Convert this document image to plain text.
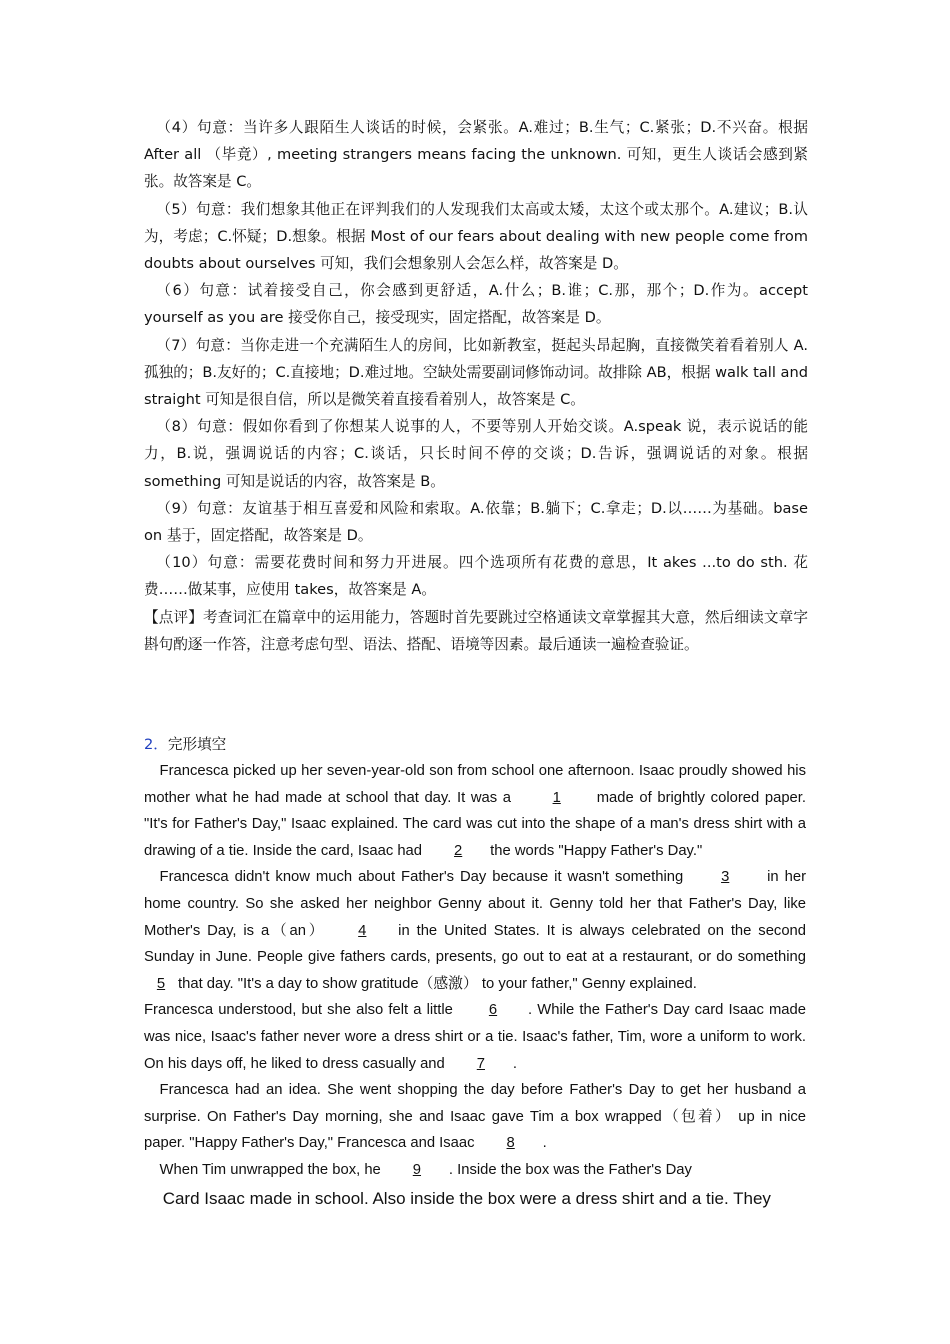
（4）句意：当许多人跟陌生人谈话的时候，会紧张。A.难过；B.生气；C.紧张；D.不兴奋。根据 After all （毕竟）, meeting strangers means facing the unknown. 可知，更生人谈话会感到紧张。故答案是 C。

（5）句意：我们想象其他正在评判我们的人发现我们太高或太矮，太这个或太那个。A.建议；B.认为，考虑；C.怀疑；D.想象。根据 Most of our fears about dealing with new people come from doubts about ourselves 可知，我们会想象别人会怎么样，故答案是 D。

（6）句意：试着接受自己，你会感到更舒适，A.什么；B.谁；C.那，那个；D.作为。accept yourself as you are 接受你自己，接受现实，固定搭配，故答案是 D。

（7）句意：当你走进一个充满陌生人的房间，比如新教室，挺起头昂起胸，直接微笑着看着别人 A.孤独的；B.友好的；C.直接地；D.难过地。空缺处需要副词修饰动词。故排除 AB，根据 walk tall and straight 可知是很自信，所以是微笑着直接看着别人，故答案是 C。

（8）句意：假如你看到了你想某人说事的人，不要等别人开始交谈。A.speak 说，表示说话的能力，B.说，强调说话的内容；C.谈话，只长时间不停的交谈；D.告诉，强调说话的对象。根据 something 可知是说话的内容，故答案是 B。

（9）句意：友谊基于相互喜爱和风险和索取。A.依靠；B.躺下；C.拿走；D.以……为基础。base on 基于，固定搭配，故答案是 D。

（10）句意：需要花费时间和努力开进展。四个选项所有花费的意思，It akes ...to do sth. 花费……做某事，应使用 takes，故答案是 A。

【点评】考查词汇在篇章中的运用能力，答题时首先要跳过空格通读文章掌握其大意，然后细读文章字斟句酌逐一作答，注意考虑句型、语法、搭配、语境等因素。最后通读一遍检查验证。

2．完形填空

Francesca picked up her seven-year-old son from school one afternoon. Isaac proudly showed his mother what he had made at school that day. It was a 1 made of brightly colored paper. "It's for Father's Day," Isaac explained. The card was cut into the shape of a man's dress shirt with a drawing of a tie. Inside the card, Isaac had 2 the words "Happy Father's Day."

Francesca didn't know much about Father's Day because it wasn't something 3 in her home country. So she asked her neighbor Genny about it. Genny told her that Father's Day, like Mother's Day, is a（an） 4 in the United States. It is always celebrated on the second Sunday in June. People give fathers cards, presents, go out to eat at a restaurant, or do something 5 that day. "It's a day to show gratitude（感激） to your father," Genny explained.

Francesca understood, but she also felt a little 6 . While the Father's Day card Isaac made was nice, Isaac's father never wore a dress shirt or a tie. Isaac's father, Tim, wore a uniform to work. On his days off, he liked to dress casually and 7 .

Francesca had an idea. She went shopping the day before Father's Day to get her husband a surprise. On Father's Day morning, she and Isaac gave Tim a box wrapped（包着） up in nice paper. "Happy Father's Day," Francesca and Isaac 8 .

When Tim unwrapped the box, he 9 . Inside the box was the Father's Day

Card Isaac made in school. Also inside the box were a dress shirt and a tie. They
